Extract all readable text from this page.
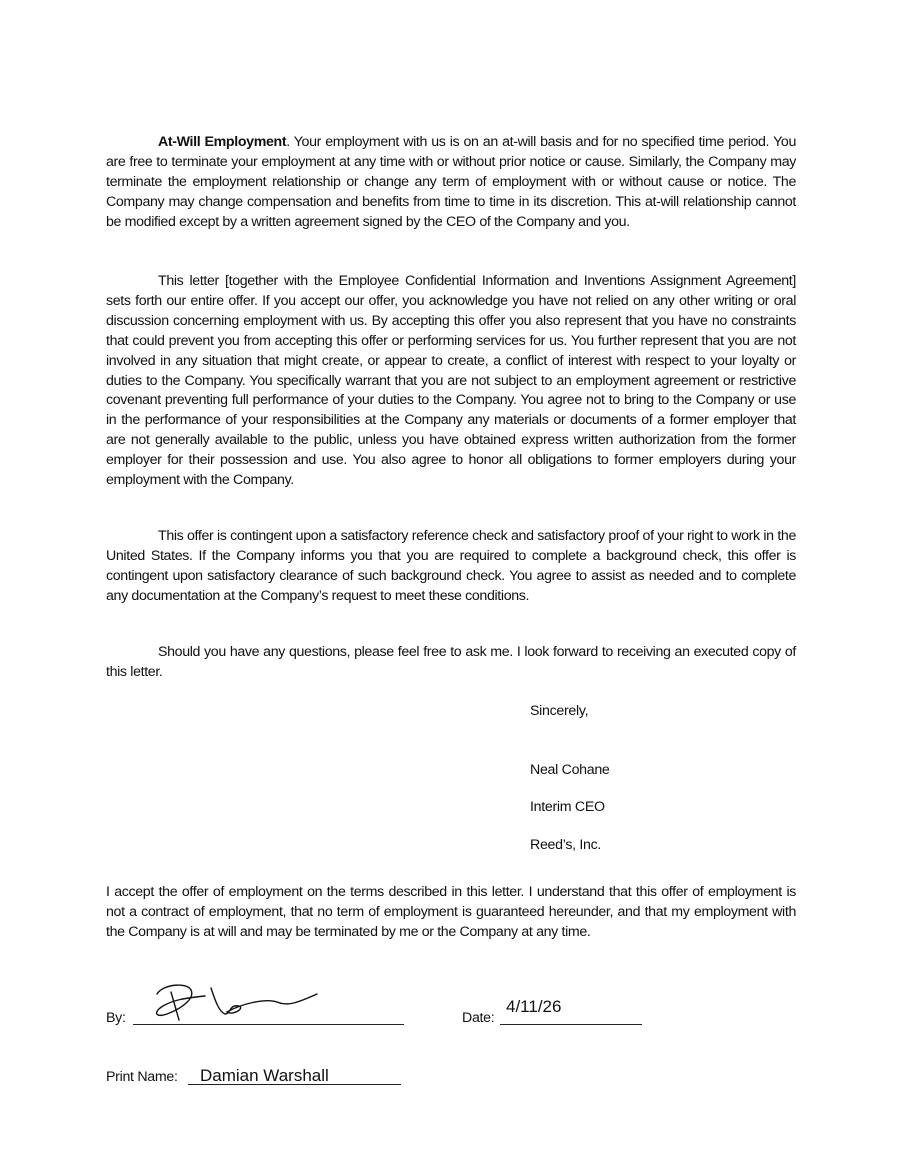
At-Will Employment. Your employment with us is on an at-will basis and for no specified time period. You are free to terminate your employment at any time with or without prior notice or cause. Similarly, the Company may terminate the employment relationship or change any term of employment with or without cause or notice. The Company may change compensation and benefits from time to time in its discretion. This at-will relationship cannot be modified except by a written agreement signed by the CEO of the Company and you.
This letter [together with the Employee Confidential Information and Inventions Assignment Agreement] sets forth our entire offer. If you accept our offer, you acknowledge you have not relied on any other writing or oral discussion concerning employment with us. By accepting this offer you also represent that you have no constraints that could prevent you from accepting this offer or performing services for us. You further represent that you are not involved in any situation that might create, or appear to create, a conflict of interest with respect to your loyalty or duties to the Company. You specifically warrant that you are not subject to an employment agreement or restrictive covenant preventing full performance of your duties to the Company. You agree not to bring to the Company or use in the performance of your responsibilities at the Company any materials or documents of a former employer that are not generally available to the public, unless you have obtained express written authorization from the former employer for their possession and use. You also agree to honor all obligations to former employers during your employment with the Company.
This offer is contingent upon a satisfactory reference check and satisfactory proof of your right to work in the United States. If the Company informs you that you are required to complete a background check, this offer is contingent upon satisfactory clearance of such background check. You agree to assist as needed and to complete any documentation at the Company’s request to meet these conditions.
Should you have any questions, please feel free to ask me. I look forward to receiving an executed copy of this letter.
Sincerely,
Neal Cohane
Interim CEO
Reed’s, Inc.
I accept the offer of employment on the terms described in this letter. I understand that this offer of employment is not a contract of employment, that no term of employment is guaranteed hereunder, and that my employment with the Company is at will and may be terminated by me or the Company at any time.
By:	Date:
4/11/26
Print Name: Damian Warshall
